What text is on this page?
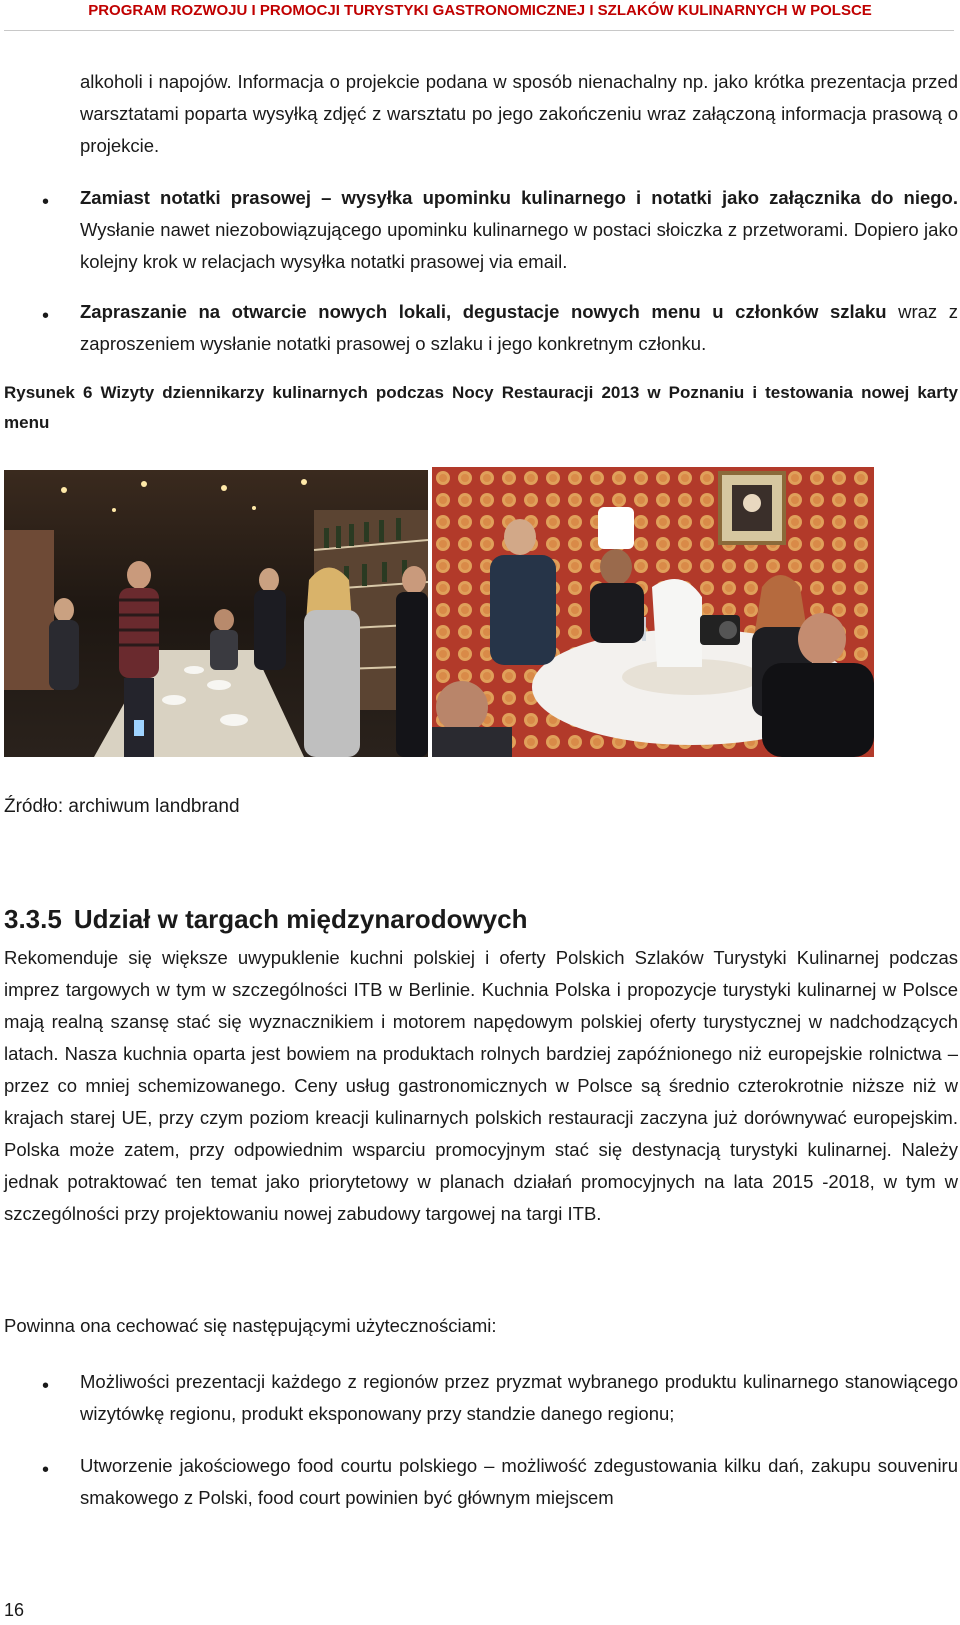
PROGRAM ROZWOJU I PROMOCJI TURYSTYKI GASTRONOMICZNEJ I SZLAKÓW KULINARNYCH W POLSCE

alkoholi i napojów. Informacja o projekcie podana w sposób nienachalny np. jako krótka prezentacja przed warsztatami poparta wysyłką zdjęć z warsztatu po jego zakończeniu wraz załączoną informacja prasową o projekcie.

• Zamiast notatki prasowej – wysyłka upominku kulinarnego i notatki jako załącznika do niego. Wysłanie nawet niezobowiązującego upominku kulinarnego w postaci słoiczka z przetworami. Dopiero jako kolejny krok w relacjach wysyłka notatki prasowej via email.

• Zapraszanie na otwarcie nowych lokali, degustacje nowych menu u członków szlaku wraz z zaproszeniem wysłanie notatki prasowej o szlaku i jego konkretnym członku.

Rysunek 6 Wizyty dziennikarzy kulinarnych podczas Nocy Restauracji 2013 w Poznaniu i testowania nowej karty menu

Źródło: archiwum landbrand
3.3.5 Udział w targach międzynarodowych

Rekomenduje się większe uwypuklenie kuchni polskiej i oferty Polskich Szlaków Turystyki Kulinarnej podczas imprez targowych w tym w szczególności ITB w Berlinie. Kuchnia Polska i propozycje turystyki kulinarnej w Polsce mają realną szansę stać się wyznacznikiem i motorem napędowym polskiej oferty turystycznej w nadchodzących latach. Nasza kuchnia oparta jest bowiem na produktach rolnych bardziej zapóźnionego niż europejskie rolnictwa – przez co mniej schemizowanego. Ceny usług gastronomicznych w Polsce są średnio czterokrotnie niższe niż w krajach starej UE, przy czym poziom kreacji kulinarnych polskich restauracji zaczyna już dorównywać europejskim. Polska może zatem, przy odpowiednim wsparciu promocyjnym stać się destynacją turystyki kulinarnej. Należy jednak potraktować ten temat jako priorytetowy w planach działań promocyjnych na lata 2015 -2018, w tym w szczególności przy projektowaniu nowej zabudowy targowej na targi ITB.

Powinna ona cechować się następującymi użytecznościami:

• Możliwości prezentacji każdego z regionów przez pryzmat wybranego produktu kulinarnego stanowiącego wizytówkę regionu, produkt eksponowany przy standzie danego regionu;

• Utworzenie jakościowego food courtu polskiego – możliwość zdegustowania kilku dań, zakupu souveniru smakowego z Polski, food court powinien być głównym miejscem

16
